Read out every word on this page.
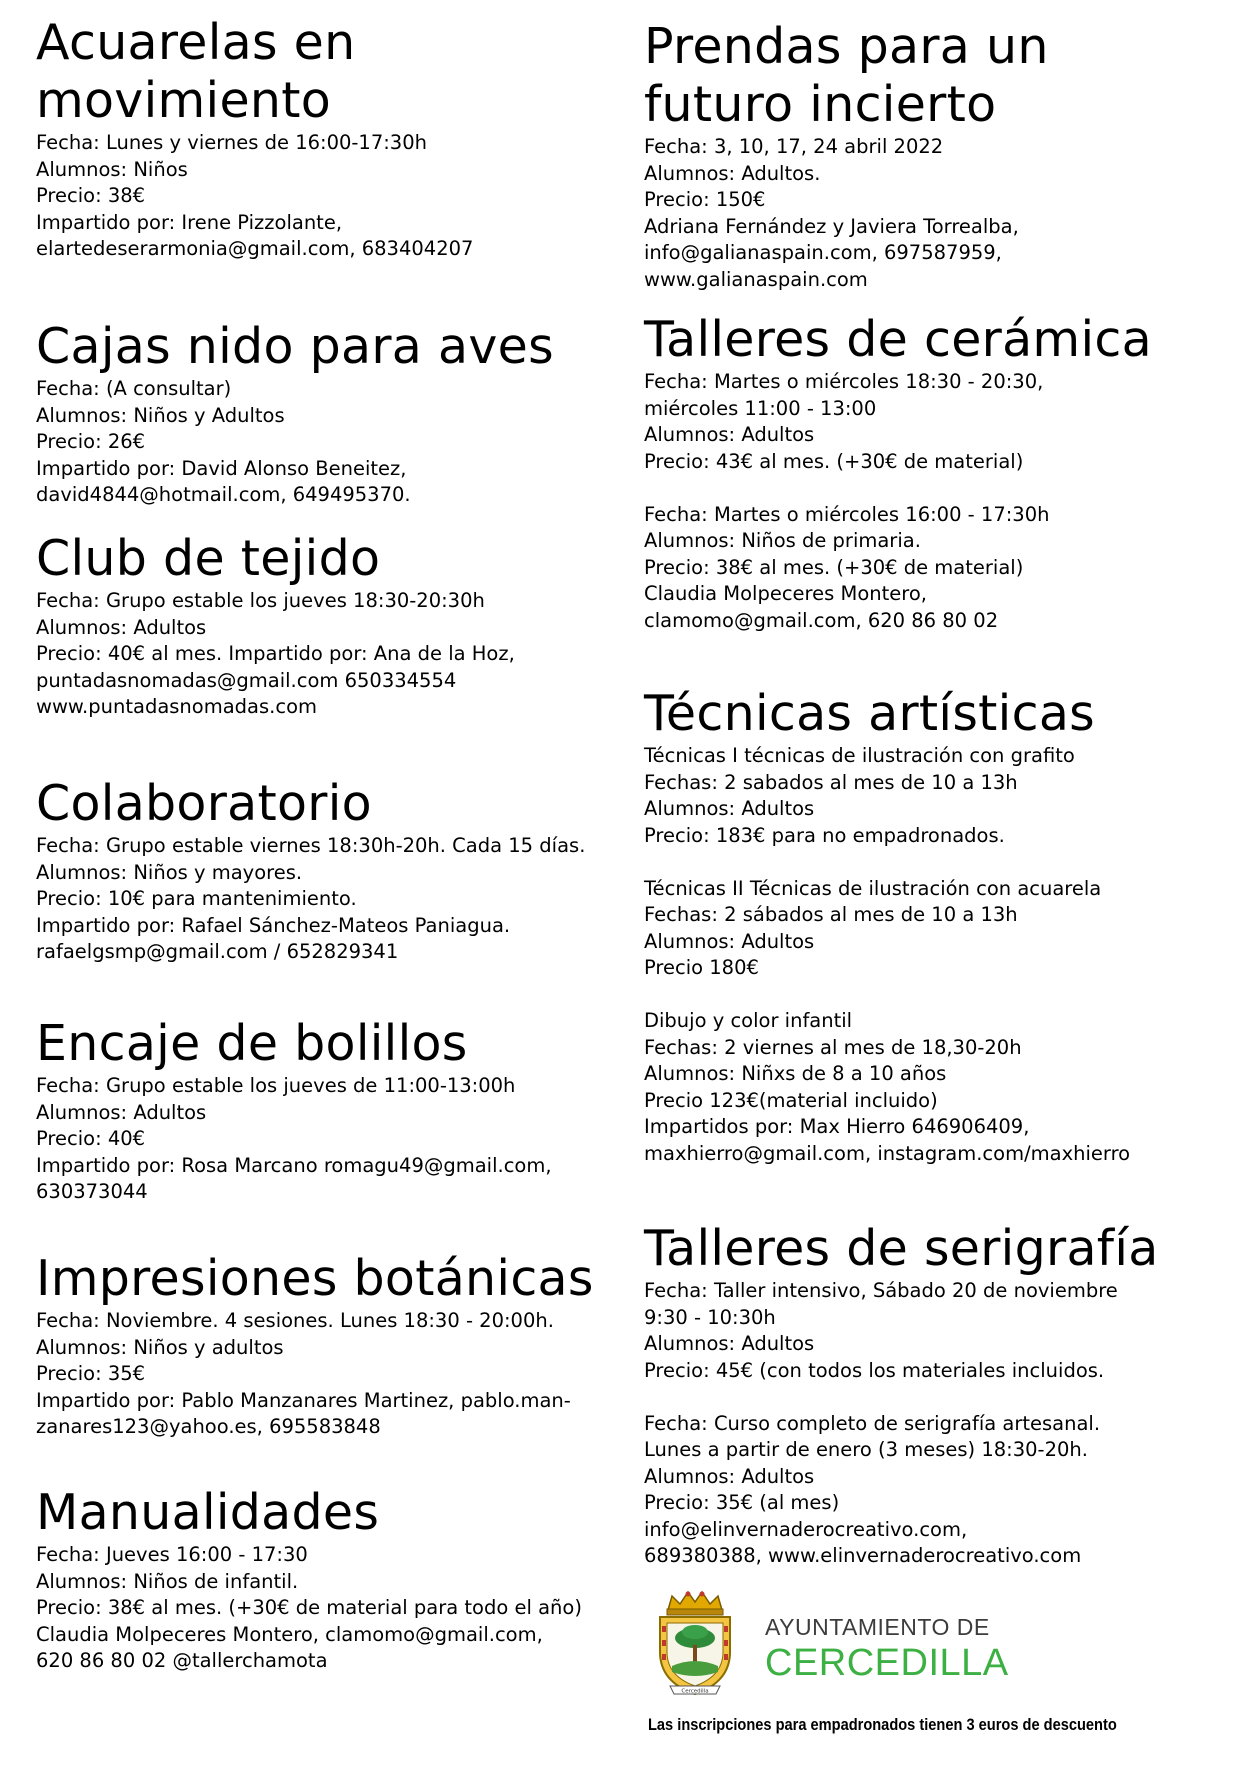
Acuarelas en
movimiento
Fecha: Lunes y viernes de 16:00-17:30h
Alumnos: Niños
Precio: 38€
Impartido por: Irene Pizzolante,
elartedeserarmonia@gmail.com, 683404207
Cajas nido para aves
Fecha: (A consultar)
Alumnos: Niños y Adultos
Precio: 26€
Impartido por: David Alonso Beneitez,
david4844@hotmail.com, 649495370.
Club de tejido
Fecha: Grupo estable los jueves 18:30-20:30h
Alumnos: Adultos
Precio: 40€ al mes. Impartido por: Ana de la Hoz,
puntadasnomadas@gmail.com 650334554
www.puntadasnomadas.com
Colaboratorio
Fecha: Grupo estable viernes 18:30h-20h. Cada 15 días.
Alumnos: Niños y mayores.
Precio: 10€ para mantenimiento.
Impartido por: Rafael Sánchez-Mateos Paniagua.
rafaelgsmp@gmail.com / 652829341
Encaje de bolillos
Fecha: Grupo estable los jueves de 11:00-13:00h
Alumnos: Adultos
Precio: 40€
Impartido por: Rosa Marcano romagu49@gmail.com,
630373044
Impresiones botánicas
Fecha: Noviembre. 4 sesiones. Lunes 18:30 - 20:00h.
Alumnos: Niños y adultos
Precio: 35€
Impartido por: Pablo Manzanares Martinez, pablo.man-
zanares123@yahoo.es, 695583848
Manualidades
Fecha: Jueves 16:00 - 17:30
Alumnos: Niños de infantil.
Precio: 38€ al mes. (+30€ de material para todo el año)
Claudia Molpeceres Montero, clamomo@gmail.com,
620 86 80 02 @tallerchamota
Prendas para un
futuro incierto
Fecha: 3, 10, 17, 24 abril 2022
Alumnos: Adultos.
Precio: 150€
Adriana Fernández y Javiera Torrealba,
info@galianaspain.com, 697587959,
www.galianaspain.com
Talleres de cerámica
Fecha: Martes o miércoles 18:30 - 20:30,
miércoles 11:00 - 13:00
Alumnos: Adultos
Precio: 43€ al mes. (+30€ de material)
Fecha: Martes o miércoles 16:00 - 17:30h
Alumnos: Niños de primaria.
Precio: 38€ al mes. (+30€ de material)
Claudia Molpeceres Montero,
clamomo@gmail.com, 620 86 80 02
Técnicas artísticas
Técnicas I técnicas de ilustración con grafito
Fechas: 2 sabados al mes de 10 a 13h
Alumnos: Adultos
Precio: 183€ para no empadronados.
Técnicas II Técnicas de ilustración con acuarela
Fechas: 2 sábados al mes de 10 a 13h
Alumnos: Adultos
Precio 180€
Dibujo y color infantil
Fechas: 2 viernes al mes de 18,30-20h
Alumnos: Niñxs de 8 a 10 años
Precio 123€(material incluido)
Impartidos por: Max Hierro 646906409,
maxhierro@gmail.com, instagram.com/maxhierro
Talleres de serigrafía
Fecha: Taller intensivo, Sábado 20 de noviembre
9:30 - 10:30h
Alumnos: Adultos
Precio: 45€ (con todos los materiales incluidos.
Fecha: Curso completo de serigrafía artesanal.
Lunes a partir de enero (3 meses) 18:30-20h.
Alumnos: Adultos
Precio: 35€ (al mes)
info@elinvernaderocreativo.com,
689380388, www.elinvernaderocreativo.com
Cercedilla
AYUNTAMIENTO DE
CERCEDILLA
Las inscripciones para empadronados tienen 3 euros de descuento
